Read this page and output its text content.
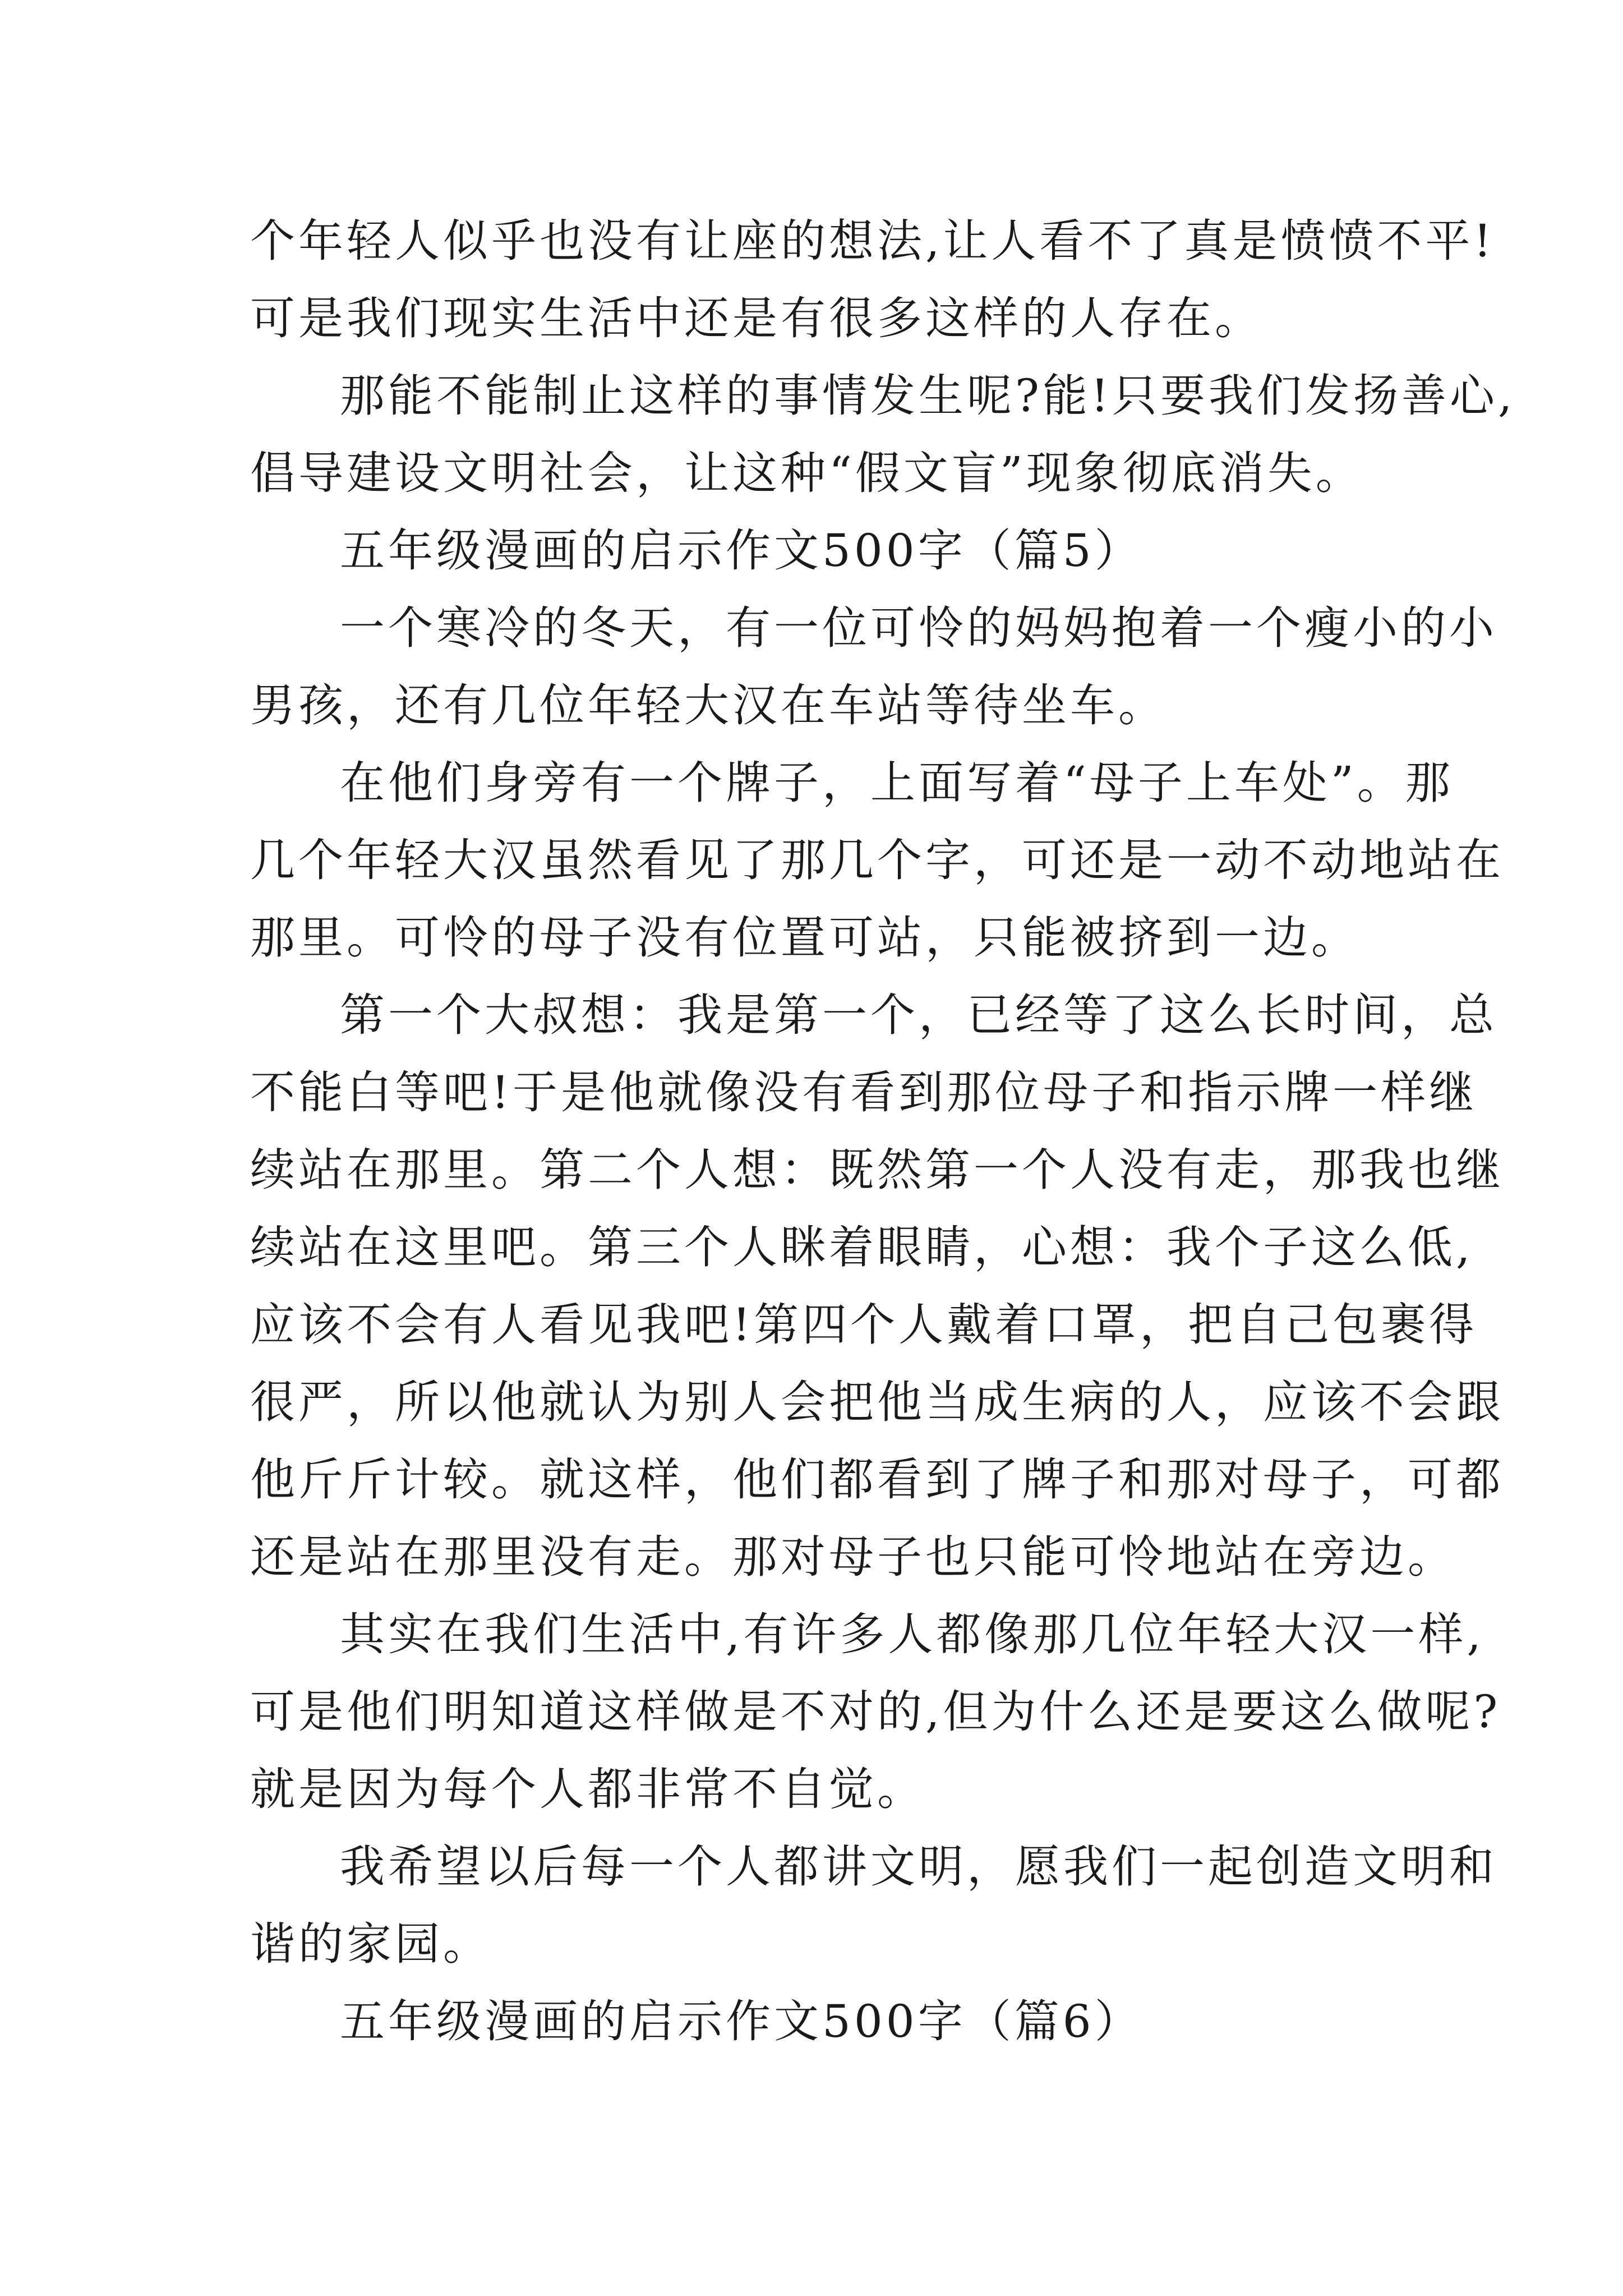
个年轻人似乎也没有让座的想法,让人看不了真是愤愤不平!
可是我们现实生活中还是有很多这样的人存在。
那能不能制止这样的事情发生呢?能!只要我们发扬善心,
倡导建设文明社会，让这种“假文盲”现象彻底消失。
五年级漫画的启示作文500字（篇5）
一个寒冷的冬天，有一位可怜的妈妈抱着一个瘦小的小
男孩，还有几位年轻大汉在车站等待坐车。
在他们身旁有一个牌子，上面写着“母子上车处”。那
几个年轻大汉虽然看见了那几个字，可还是一动不动地站在
那里。可怜的母子没有位置可站，只能被挤到一边。
第一个大叔想：我是第一个，已经等了这么长时间，总
不能白等吧!于是他就像没有看到那位母子和指示牌一样继
续站在那里。第二个人想：既然第一个人没有走，那我也继
续站在这里吧。第三个人眯着眼睛，心想：我个子这么低,
应该不会有人看见我吧!第四个人戴着口罩，把自己包裹得
很严，所以他就认为别人会把他当成生病的人，应该不会跟
他斤斤计较。就这样，他们都看到了牌子和那对母子，可都
还是站在那里没有走。那对母子也只能可怜地站在旁边。
其实在我们生活中,有许多人都像那几位年轻大汉一样,
可是他们明知道这样做是不对的,但为什么还是要这么做呢?
就是因为每个人都非常不自觉。
我希望以后每一个人都讲文明，愿我们一起创造文明和
谐的家园。
五年级漫画的启示作文500字（篇6）
